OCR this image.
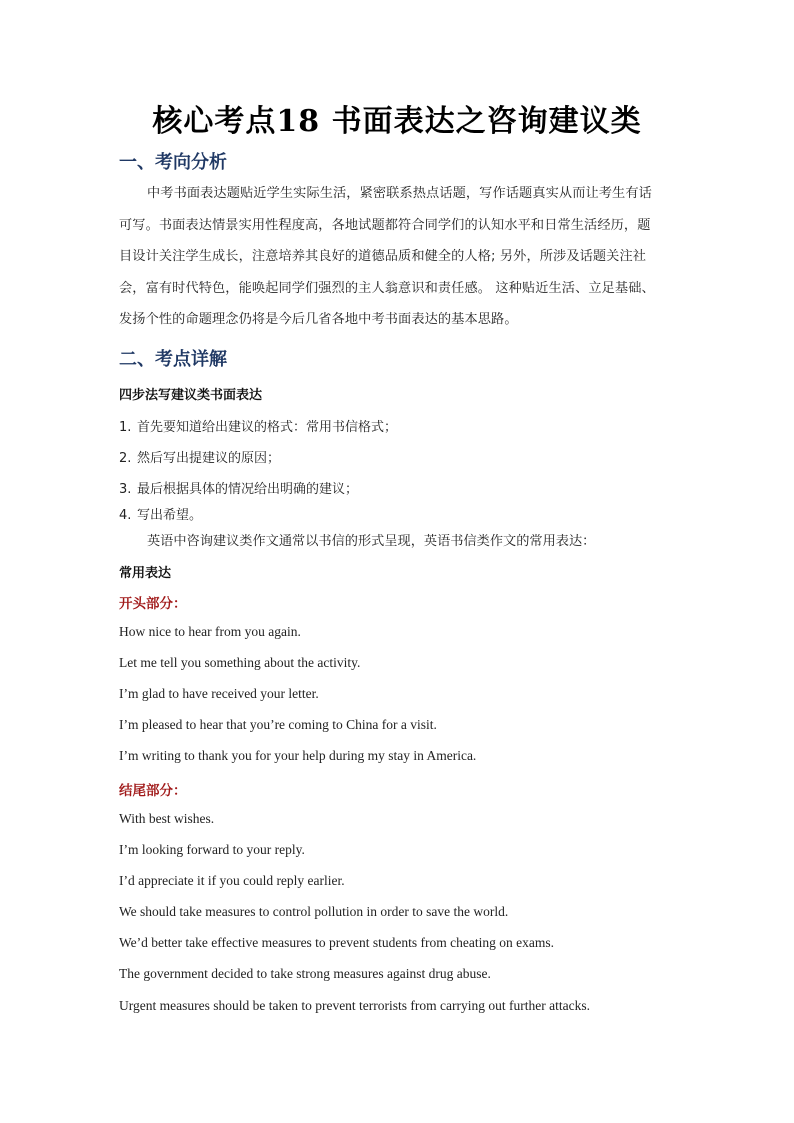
核心考点18 书面表达之咨询建议类
一、考向分析
中考书面表达题贴近学生实际生活，紧密联系热点话题，写作话题真实从而让考生有话
可写。书面表达情景实用性程度高，各地试题都符合同学们的认知水平和日常生活经历，题
目设计关注学生成长，注意培养其良好的道德品质和健全的人格; 另外，所涉及话题关注社
会，富有时代特色，能唤起同学们强烈的主人翁意识和责任感。 这种贴近生活、立足基础、
发扬个性的命题理念仍将是今后几省各地中考书面表达的基本思路。
二、考点详解
四步法写建议类书面表达
1. 首先要知道给出建议的格式：常用书信格式；
2. 然后写出提建议的原因；
3. 最后根据具体的情况给出明确的建议；
4. 写出希望。
英语中咨询建议类作文通常以书信的形式呈现，英语书信类作文的常用表达：
常用表达
开头部分：
How nice to hear from you again.
Let me tell you something about the activity.
I’m glad to have received your letter.
I’m pleased to hear that you’re coming to China for a visit.
I’m writing to thank you for your help during my stay in America.
结尾部分：
With best wishes.
I’m looking forward to your reply.
I’d appreciate it if you could reply earlier.
We should take measures to control pollution in order to save the world.
We’d better take effective measures to prevent students from cheating on exams.
The government decided to take strong measures against drug abuse.
Urgent measures should be taken to prevent terrorists from carrying out further attacks.
